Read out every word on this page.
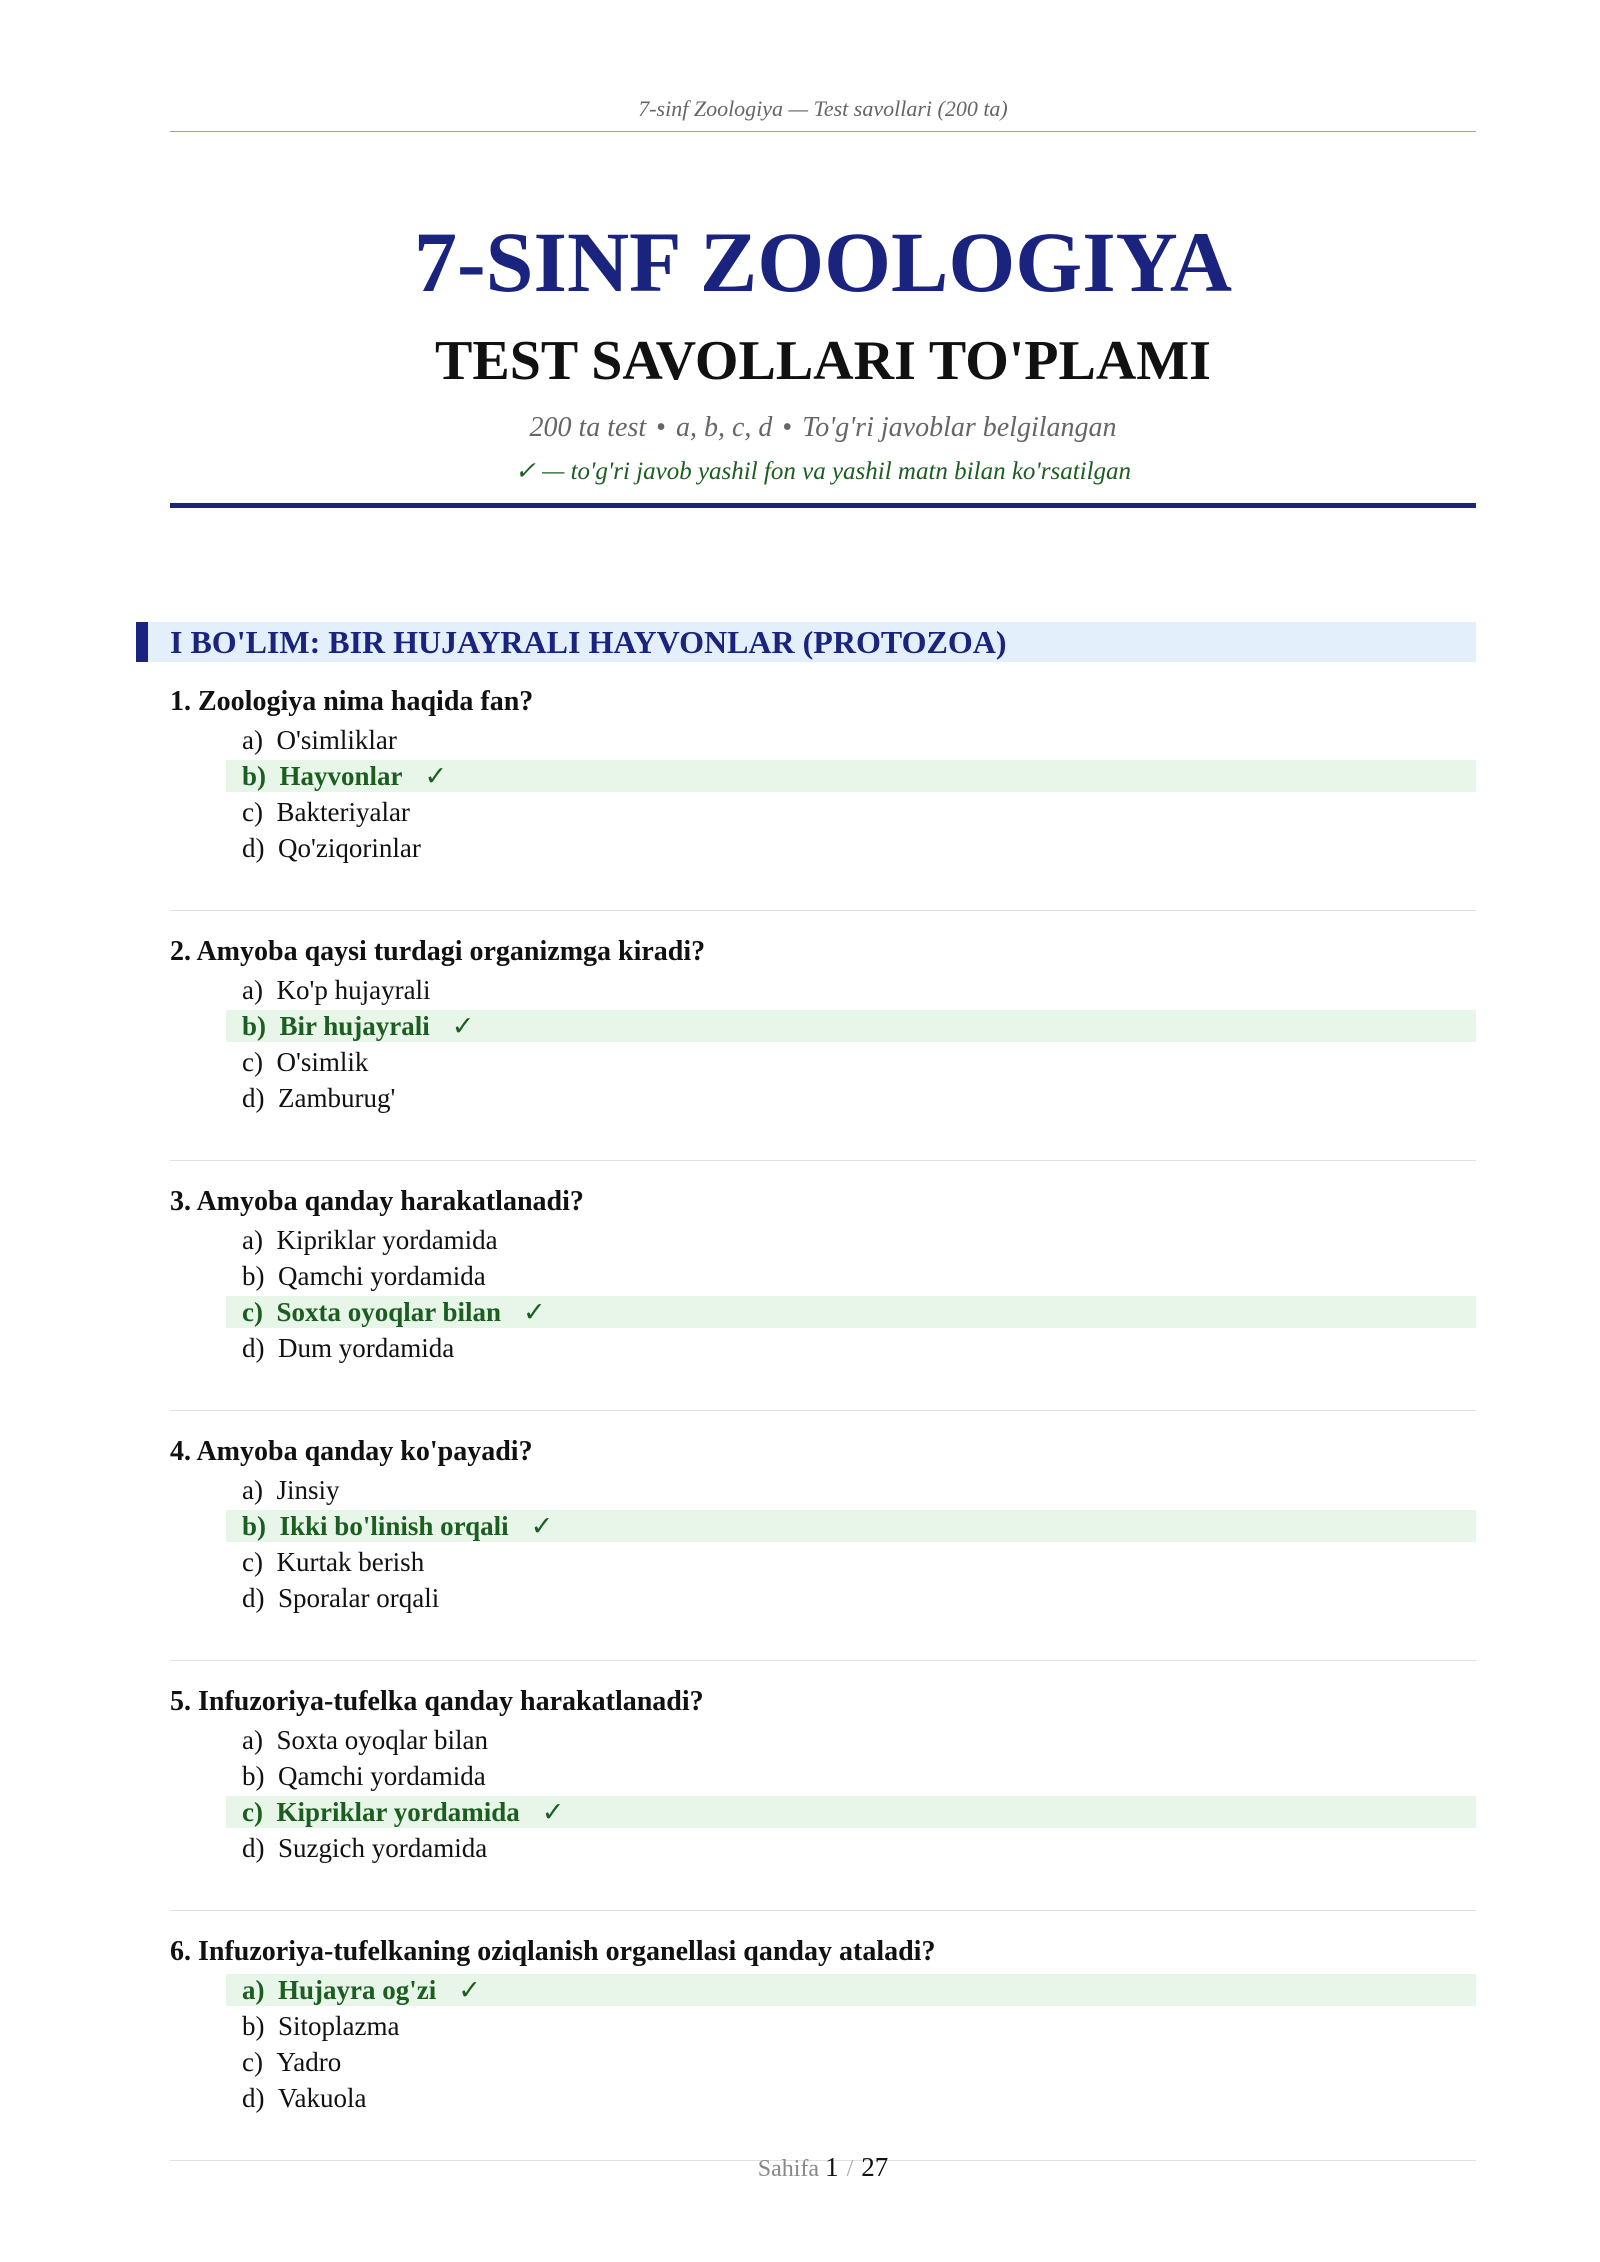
7-sinf Zoologiya — Test savollari (200 ta)
7-SINF ZOOLOGIYA
TEST SAVOLLARI TO'PLAMI
200 ta test • a, b, c, d • To'g'ri javoblar belgilangan
✓ — to'g'ri javob yashil fon va yashil matn bilan ko'rsatilgan
I BO'LIM: BIR HUJAYRALI HAYVONLAR (PROTOZOA)
1. Zoologiya nima haqida fan?
a) O'simliklar
b) Hayvonlar ✓
c) Bakteriyalar
d) Qo'ziqorinlar
2. Amyoba qaysi turdagi organizmga kiradi?
a) Ko'p hujayrali
b) Bir hujayrali ✓
c) O'simlik
d) Zamburug'
3. Amyoba qanday harakatlanadi?
a) Kipriklar yordamida
b) Qamchi yordamida
c) Soxta oyoqlar bilan ✓
d) Dum yordamida
4. Amyoba qanday ko'payadi?
a) Jinsiy
b) Ikki bo'linish orqali ✓
c) Kurtak berish
d) Sporalar orqali
5. Infuzoriya-tufelka qanday harakatlanadi?
a) Soxta oyoqlar bilan
b) Qamchi yordamida
c) Kipriklar yordamida ✓
d) Suzgich yordamida
6. Infuzoriya-tufelkaning oziqlanish organellasi qanday ataladi?
a) Hujayra og'zi ✓
b) Sitoplazma
c) Yadro
d) Vakuola
Sahifa 1 / 27
